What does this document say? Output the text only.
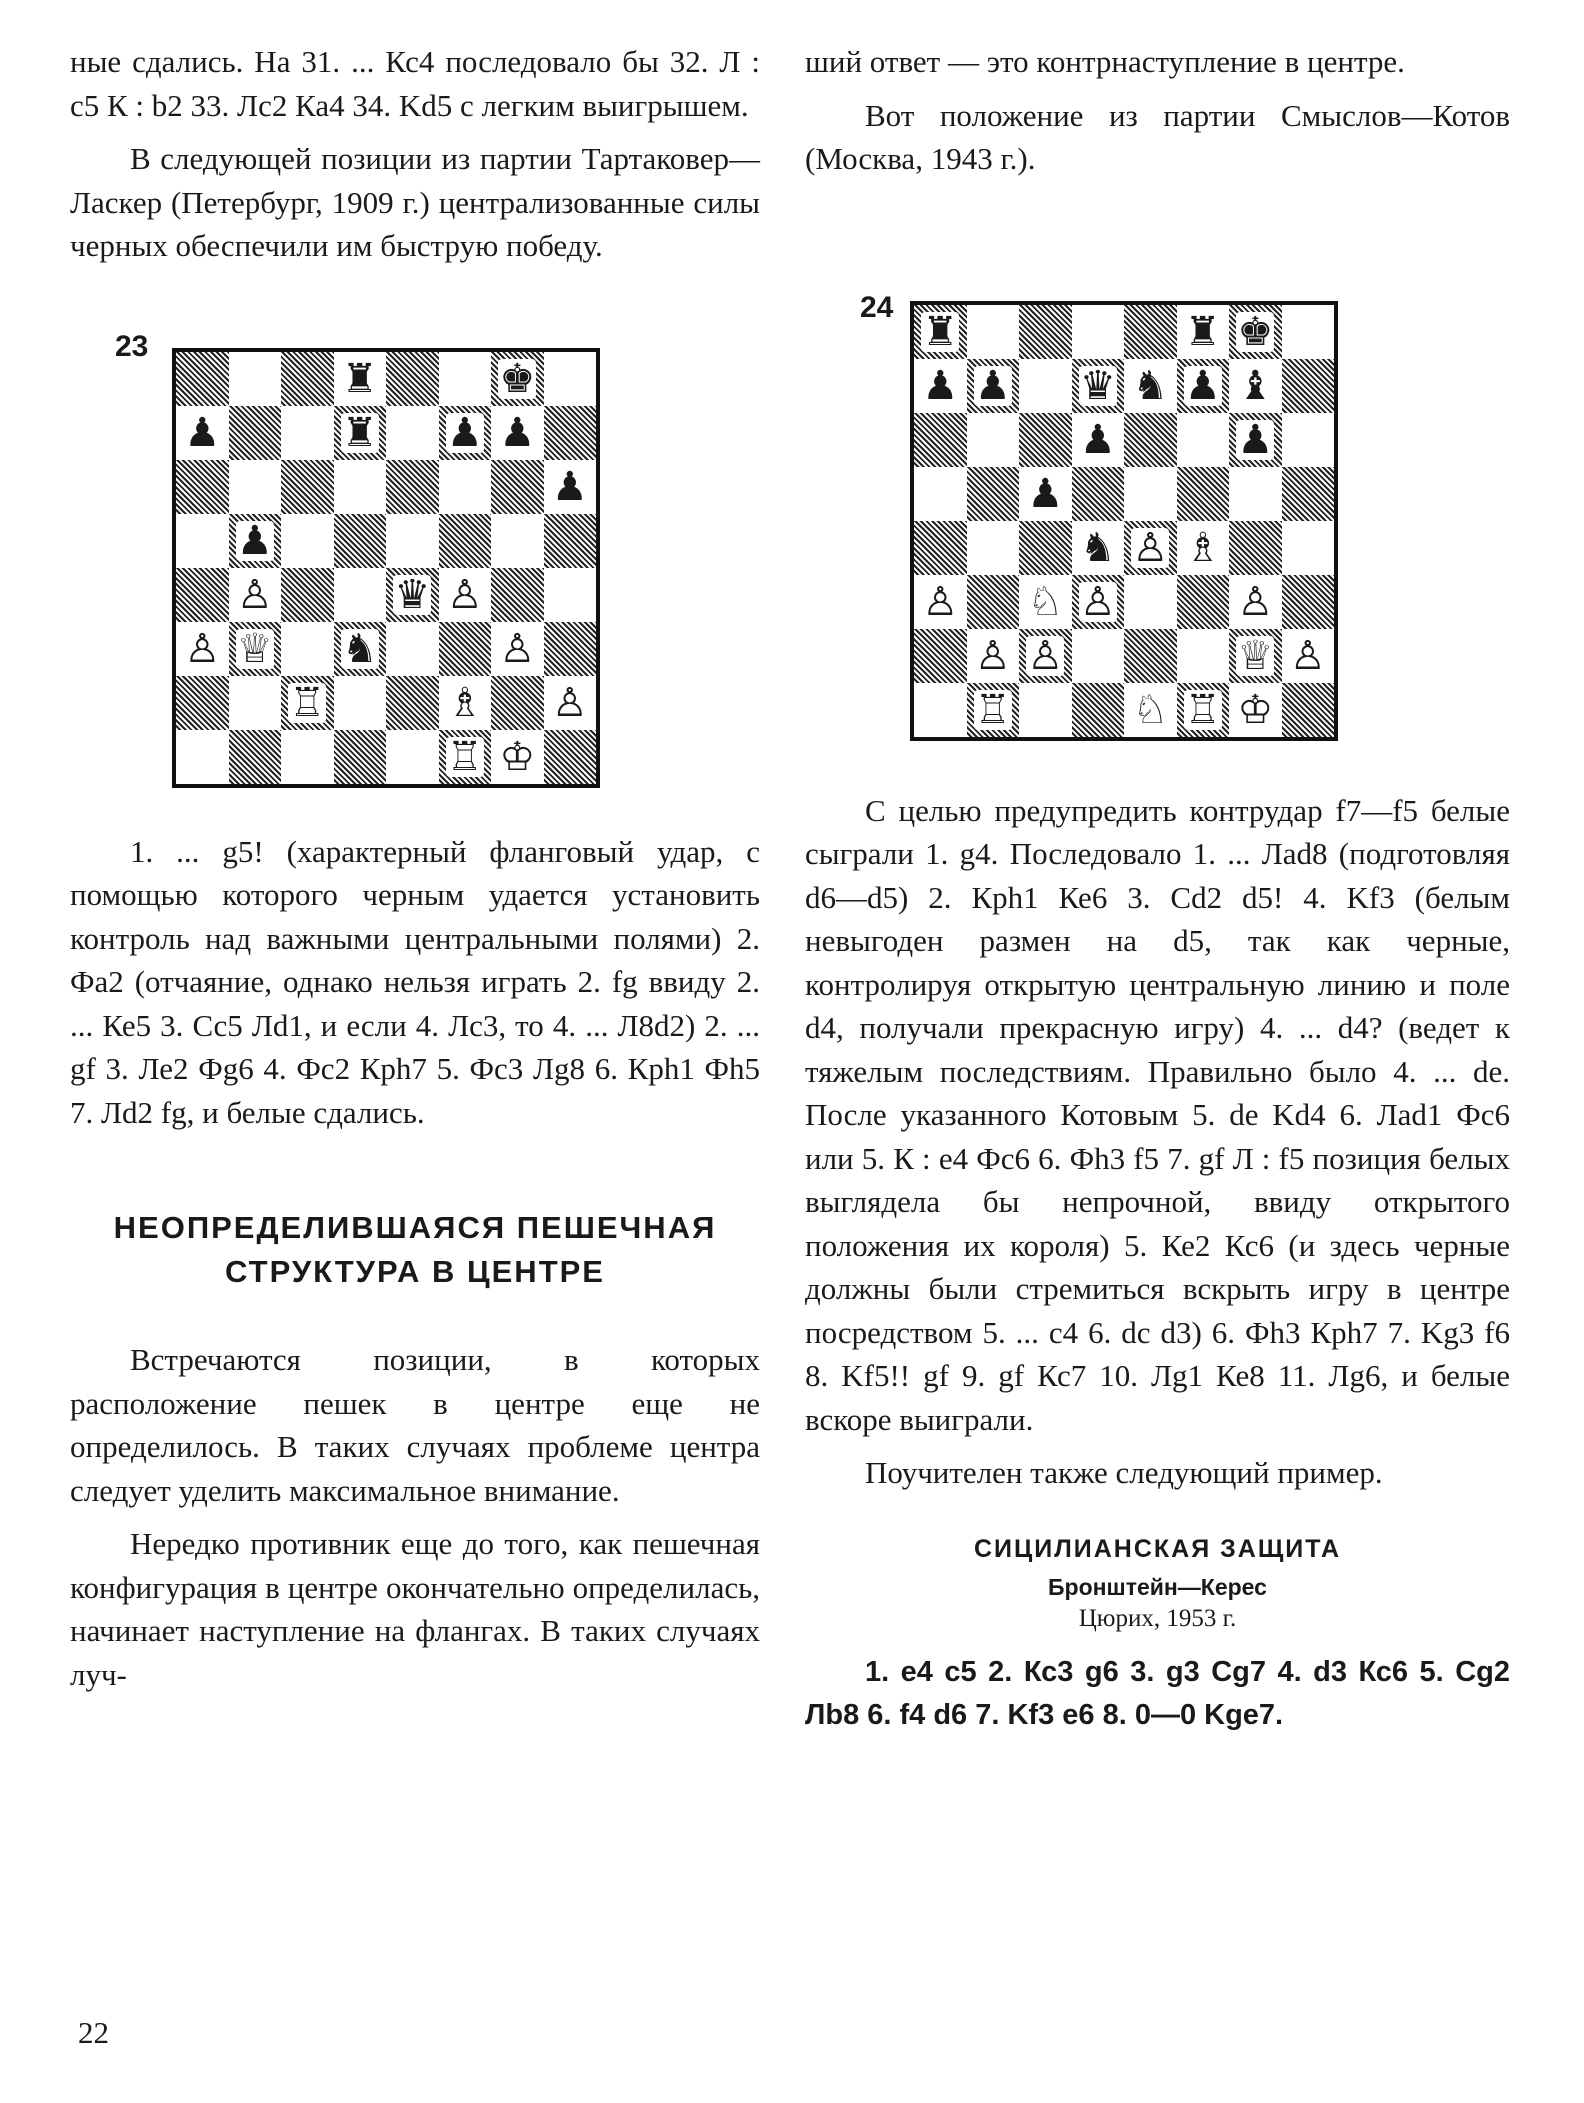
ные сдались. На 31. ... Кс4 последовало бы 32. Л : с5 К : b2 33. Лс2 Ка4 34. Kd5 с легким выигрышем.

В следующей позиции из партии Тартаковер—Ласкер (Петербург, 1909 г.) централизованные силы черных обеспечили им быструю победу.

23
♜	♚
♟	♜ ♟ ♟
♟
♟
♙	♛ ♙
♙ ♕ ♞	♙
♖	♗ ♙
♖ ♔

1. ... g5! (характерный фланговый удар, с помощью которого черным удается установить контроль над важными центральными полями) 2. Фа2 (отчаяние, однако нельзя играть 2. fg ввиду 2. ... Ке5 3. Сс5 Лd1, и если 4. Лс3, то 4. ... Л8d2) 2. ... gf 3. Ле2 Фg6 4. Фс2 Крh7 5. Фс3 Лg8 6. Крh1 Фh5 7. Лd2 fg, и белые сдались.

НЕОПРЕДЕЛИВШАЯСЯ ПЕШЕЧНАЯ

СТРУКТУРА В ЦЕНТРЕ

Встречаются позиции, в которых расположение пешек в центре еще не определилось. В таких случаях проблеме центра следует уделить максимальное внимание.

Нередко противник еще до того, как пешечная конфигурация в центре окончательно определилась, начинает наступление на флангах. В таких случаях луч-

ший ответ — это контрнаступление в центре.

Вот положение из партии Смыслов—Котов (Москва, 1943 г.).

24
♜	♜ ♚
♟ ♟ ♛ ♞ ♟ ♝
♟	♟
♟
♞ ♙ ♗
♙ ♘ ♙	♙
♙ ♙	♕ ♙
♖	♘ ♖ ♔

С целью предупредить контрудар f7—f5 белые сыграли 1. g4. Последовало 1. ... Лad8 (подготовляя d6—d5) 2. Крh1 Ке6 3. Cd2 d5! 4. Kf3 (белым невыгоден размен на d5, так как черные, контролируя открытую центральную линию и поле d4, получали прекрасную игру) 4. ... d4? (ведет к тяжелым последствиям. Правильно было 4. ... de. После указанного Котовым 5. de Kd4 6. Лad1 Фс6 или 5. К : е4 Фс6 6. Фh3 f5 7. gf Л : f5 позиция белых выглядела бы непрочной, ввиду открытого положения их короля) 5. Ке2 Кс6 (и здесь черные должны были стремиться вскрыть игру в центре посредством 5. ... с4 6. dc d3) 6. Фh3 Крh7 7. Kg3 f6 8. Kf5!! gf 9. gf Кс7 10. Лg1 Ке8 11. Лg6, и белые вскоре выиграли.

Поучителен также следующий пример.

СИЦИЛИАНСКАЯ ЗАЩИТА

Бронштейн—Керес

Цюрих, 1953 г.

1. е4 с5 2. Кс3 g6 3. g3 Cg7 4. d3 Кс6 5. Cg2 Лb8 6. f4 d6 7. Kf3 е6 8. 0—0 Kge7.

22
